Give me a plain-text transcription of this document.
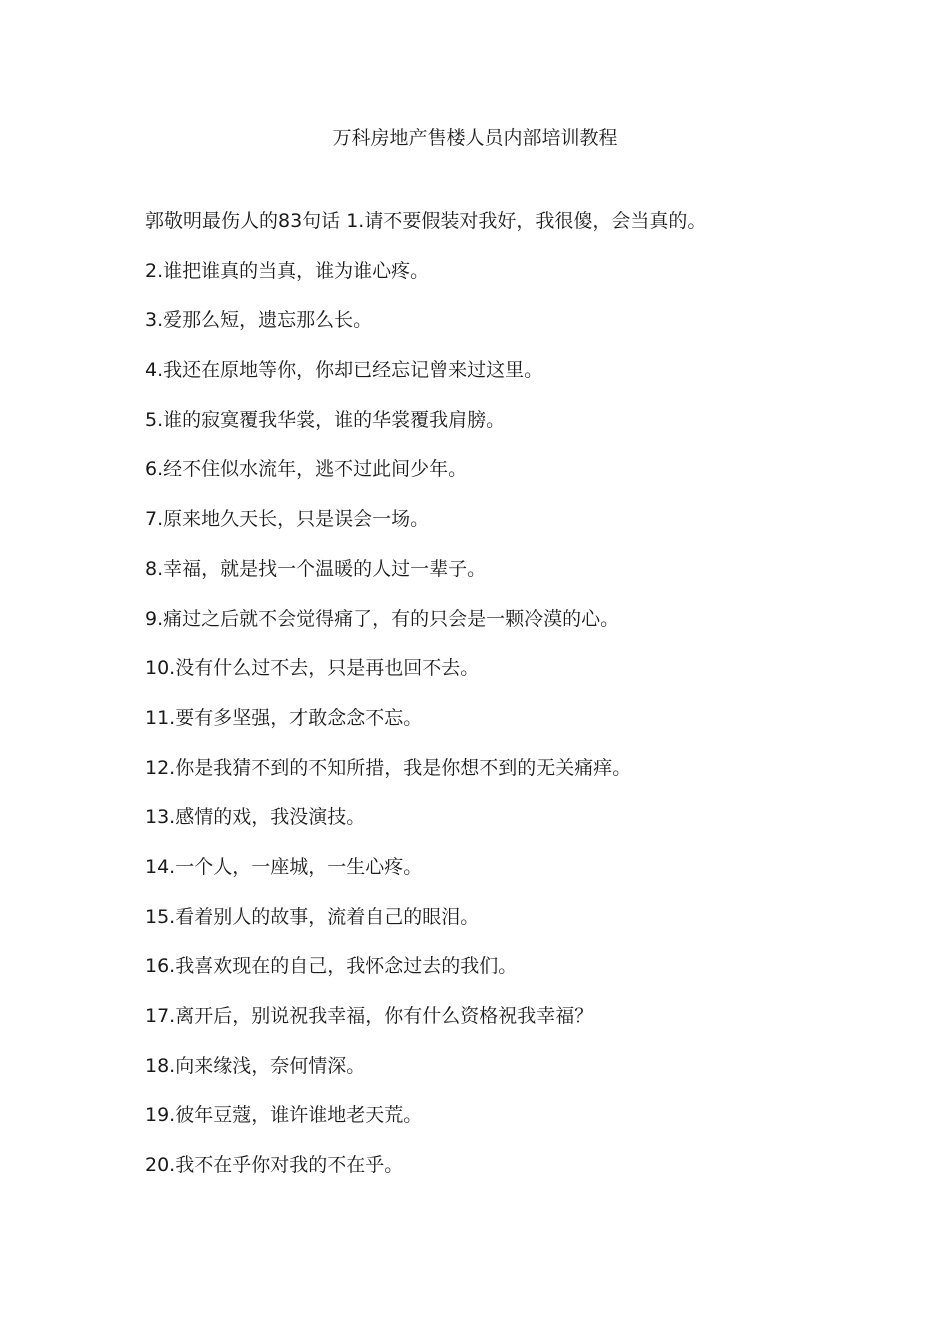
万科房地产售楼人员内部培训教程
郭敬明最伤人的83句话 1.请不要假装对我好，我很傻，会当真的。
2.谁把谁真的当真，谁为谁心疼。
3.爱那么短，遗忘那么长。
4.我还在原地等你，你却已经忘记曾来过这里。
5.谁的寂寞覆我华裳，谁的华裳覆我肩膀。
6.经不住似水流年，逃不过此间少年。
7.原来地久天长，只是误会一场。
8.幸福，就是找一个温暖的人过一辈子。
9.痛过之后就不会觉得痛了，有的只会是一颗冷漠的心。
10.没有什么过不去，只是再也回不去。
11.要有多坚强，才敢念念不忘。
12.你是我猜不到的不知所措，我是你想不到的无关痛痒。
13.感情的戏，我没演技。
14.一个人，一座城，一生心疼。
15.看着别人的故事，流着自己的眼泪。
16.我喜欢现在的自己，我怀念过去的我们。
17.离开后，别说祝我幸福，你有什么资格祝我幸福？
18.向来缘浅，奈何情深。
19.彼年豆蔻，谁许谁地老天荒。
20.我不在乎你对我的不在乎。
